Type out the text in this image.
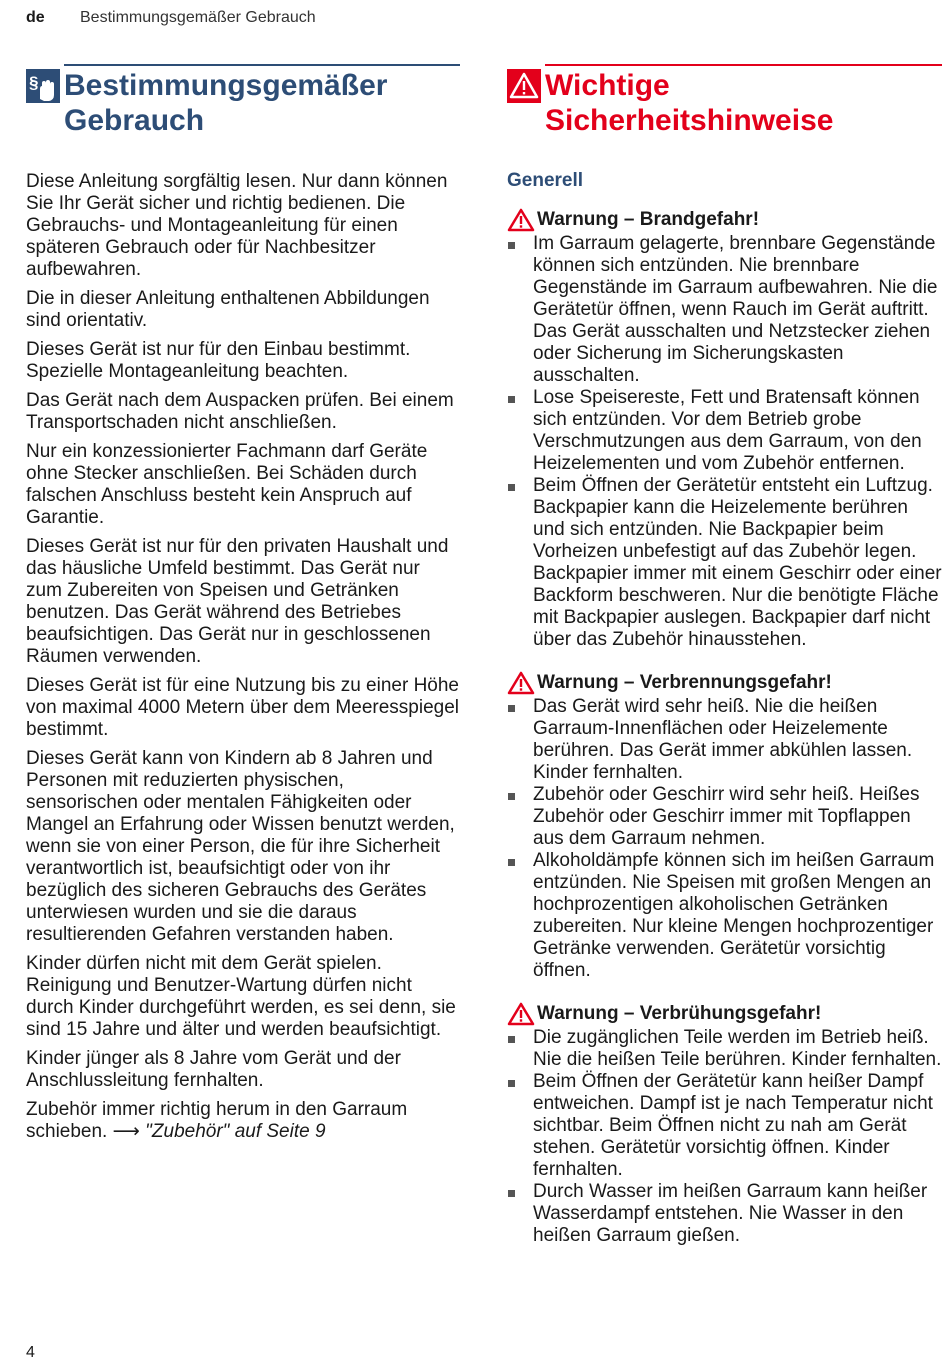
de Bestimmungsgemäßer Gebrauch
§ Bestimmungsgemäßer Gebrauch

Diese Anleitung sorgfältig lesen. Nur dann können Sie Ihr Gerät sicher und richtig bedienen. Die Gebrauchs- und Montageanleitung für einen späteren Gebrauch oder für Nachbesitzer aufbewahren.

Die in dieser Anleitung enthaltenen Abbildungen sind orientativ.

Dieses Gerät ist nur für den Einbau bestimmt. Spezielle Montageanleitung beachten.

Das Gerät nach dem Auspacken prüfen. Bei einem Transportschaden nicht anschließen.

Nur ein konzessionierter Fachmann darf Geräte ohne Stecker anschließen. Bei Schäden durch falschen Anschluss besteht kein Anspruch auf Garantie.

Dieses Gerät ist nur für den privaten Haushalt und das häusliche Umfeld bestimmt. Das Gerät nur zum Zubereiten von Speisen und Getränken benutzen. Das Gerät während des Betriebes beaufsichtigen. Das Gerät nur in geschlossenen Räumen verwenden.

Dieses Gerät ist für eine Nutzung bis zu einer Höhe von maximal 4000 Metern über dem Meeresspiegel bestimmt.

Dieses Gerät kann von Kindern ab 8 Jahren und Personen mit reduzierten physischen, sensorischen oder mentalen Fähigkeiten oder Mangel an Erfahrung oder Wissen benutzt werden, wenn sie von einer Person, die für ihre Sicherheit verantwortlich ist, beaufsichtigt oder von ihr bezüglich des sicheren Gebrauchs des Gerätes unterwiesen wurden und sie die daraus resultierenden Gefahren verstanden haben.

Kinder dürfen nicht mit dem Gerät spielen. Reinigung und Benutzer-Wartung dürfen nicht durch Kinder durchgeführt werden, es sei denn, sie sind 15 Jahre und älter und werden beaufsichtigt.

Kinder jünger als 8 Jahre vom Gerät und der Anschlussleitung fernhalten.

Zubehör immer richtig herum in den Garraum schieben. ⟶ "Zubehör" auf Seite 9

Wichtige Sicherheitshinweise
Generell
Warnung – Brandgefahr!
Im Garraum gelagerte, brennbare Gegenstände können sich entzünden. Nie brennbare Gegenstände im Garraum aufbewahren. Nie die Gerätetür öffnen, wenn Rauch im Gerät auftritt. Das Gerät ausschalten und Netzstecker ziehen oder Sicherung im Sicherungskasten ausschalten.
Lose Speisereste, Fett und Bratensaft können sich entzünden. Vor dem Betrieb grobe Verschmutzungen aus dem Garraum, von den Heizelementen und vom Zubehör entfernen.
Beim Öffnen der Gerätetür entsteht ein Luftzug. Backpapier kann die Heizelemente berühren und sich entzünden. Nie Backpapier beim Vorheizen unbefestigt auf das Zubehör legen. Backpapier immer mit einem Geschirr oder einer Backform beschweren. Nur die benötigte Fläche mit Backpapier auslegen. Backpapier darf nicht über das Zubehör hinausstehen.
Warnung – Verbrennungsgefahr!
Das Gerät wird sehr heiß. Nie die heißen Garraum-Innenflächen oder Heizelemente berühren. Das Gerät immer abkühlen lassen. Kinder fernhalten.
Zubehör oder Geschirr wird sehr heiß. Heißes Zubehör oder Geschirr immer mit Topflappen aus dem Garraum nehmen.
Alkoholdämpfe können sich im heißen Garraum entzünden. Nie Speisen mit großen Mengen an hochprozentigen alkoholischen Getränken zubereiten. Nur kleine Mengen hochprozentiger Getränke verwenden. Gerätetür vorsichtig öffnen.
Warnung – Verbrühungsgefahr!
Die zugänglichen Teile werden im Betrieb heiß. Nie die heißen Teile berühren. Kinder fernhalten.
Beim Öffnen der Gerätetür kann heißer Dampf entweichen. Dampf ist je nach Temperatur nicht sichtbar. Beim Öffnen nicht zu nah am Gerät stehen. Gerätetür vorsichtig öffnen. Kinder fernhalten.
Durch Wasser im heißen Garraum kann heißer Wasserdampf entstehen. Nie Wasser in den heißen Garraum gießen.
4
